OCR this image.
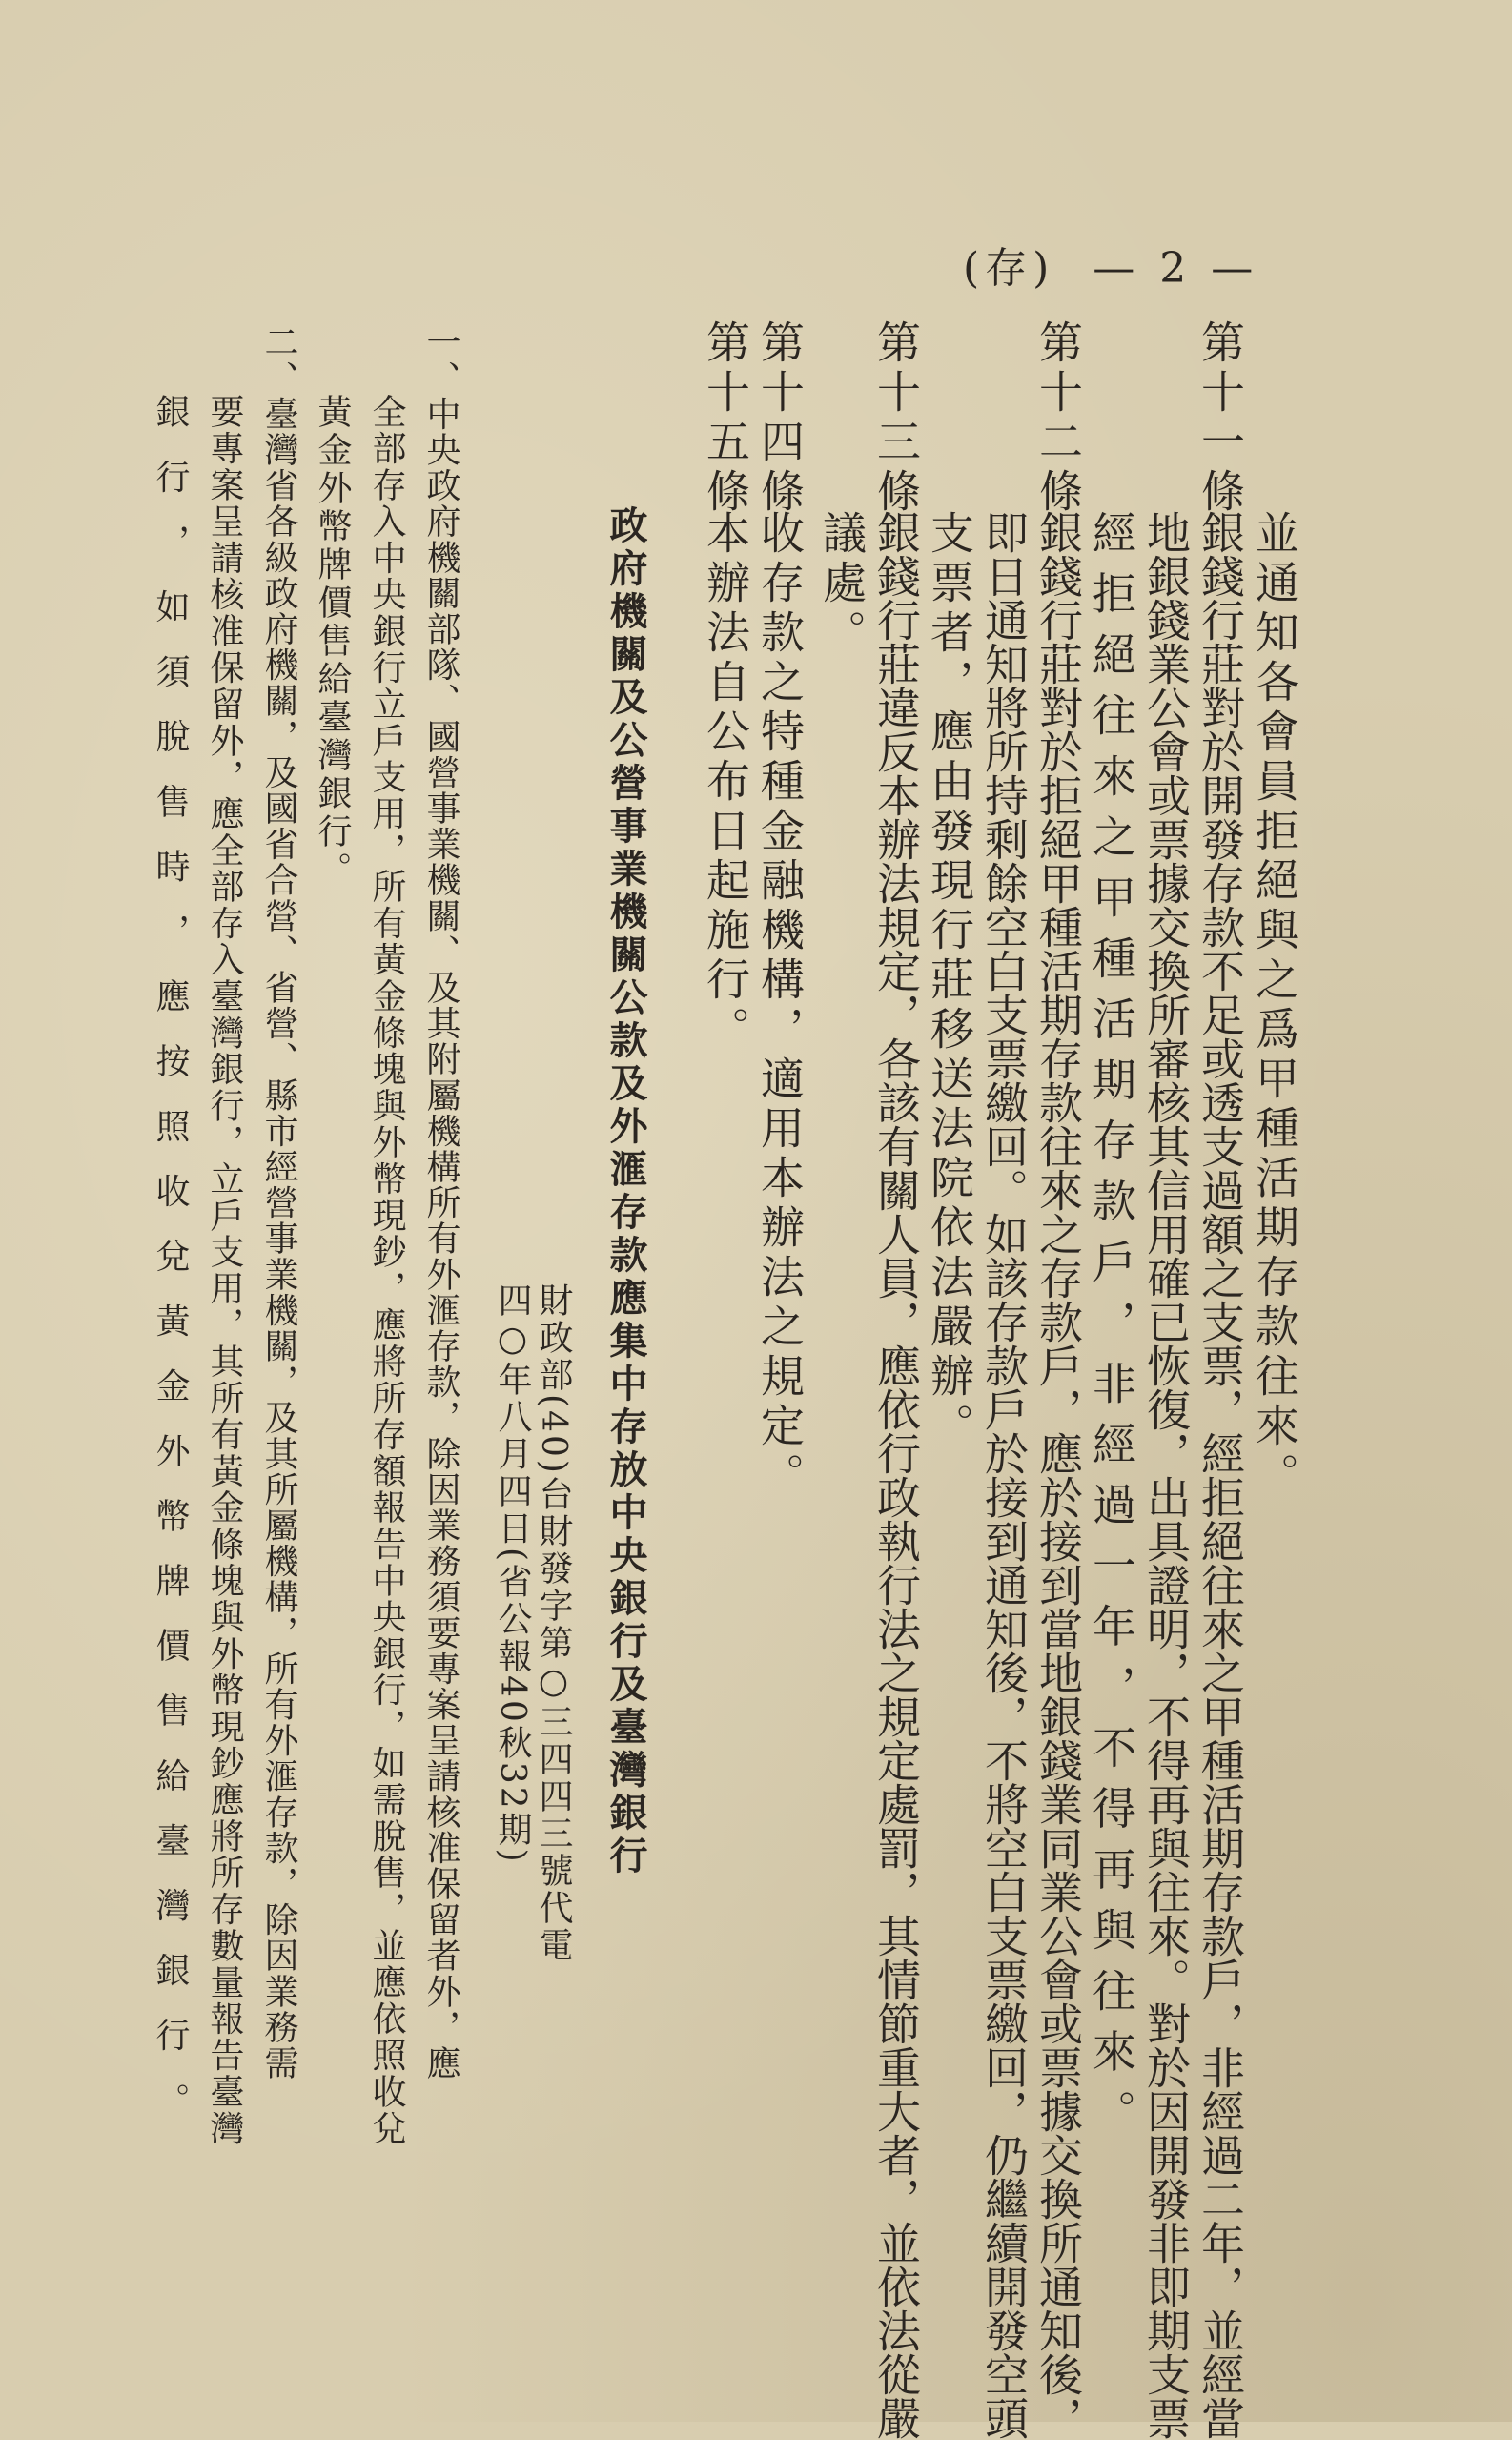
(存)  — 2 —
並通知各會員拒絕與之爲甲種活期存款往來。
第十一條
銀錢行莊對於開發存款不足或透支過額之支票，經拒絕往來之甲種活期存款戶，非經過二年，並經當
地銀錢業公會或票據交換所審核其信用確已恢復，出具證明，不得再與往來。對於因開發非即期支票
經拒絕往來之甲種活期存款戶，非經過一年，不得再與往來。
第十二條
銀錢行莊對於拒絕甲種活期存款往來之存款戶，應於接到當地銀錢業同業公會或票據交換所通知後，
即日通知將所持剩餘空白支票繳回。如該存款戶於接到通知後，不將空白支票繳回，仍繼續開發空頭
支票者，應由發現行莊移送法院依法嚴辦。
第十三條
銀錢行莊違反本辦法規定，各該有關人員，應依行政執行法之規定處罰，其情節重大者，並依法從嚴
議處。
第十四條
收存款之特種金融機構，適用本辦法之規定。
第十五條
本辦法自公布日起施行。
政府機關及公營事業機關公款及外滙存款應集中存放中央銀行及臺灣銀行
財政部(40)台財發字第○三四四三號代電
四○年八月四日(省公報40秋32期)
一、中央政府機關部隊、國營事業機關、及其附屬機構所有外滙存款，除因業務須要專案呈請核准保留者外，應
全部存入中央銀行立戶支用，所有黃金條塊與外幣現鈔，應將所存額報告中央銀行，如需脫售，並應依照收兌
黃金外幣牌價售給臺灣銀行。
二、臺灣省各級政府機關，及國省合營、省營、縣市經營事業機關，及其所屬機構，所有外滙存款，除因業務需
要專案呈請核准保留外，應全部存入臺灣銀行，立戶支用，其所有黃金條塊與外幣現鈔應將所存數量報告臺灣
銀行，如須脫售時，應按照收兌黃金外幣牌價售給臺灣銀行。
